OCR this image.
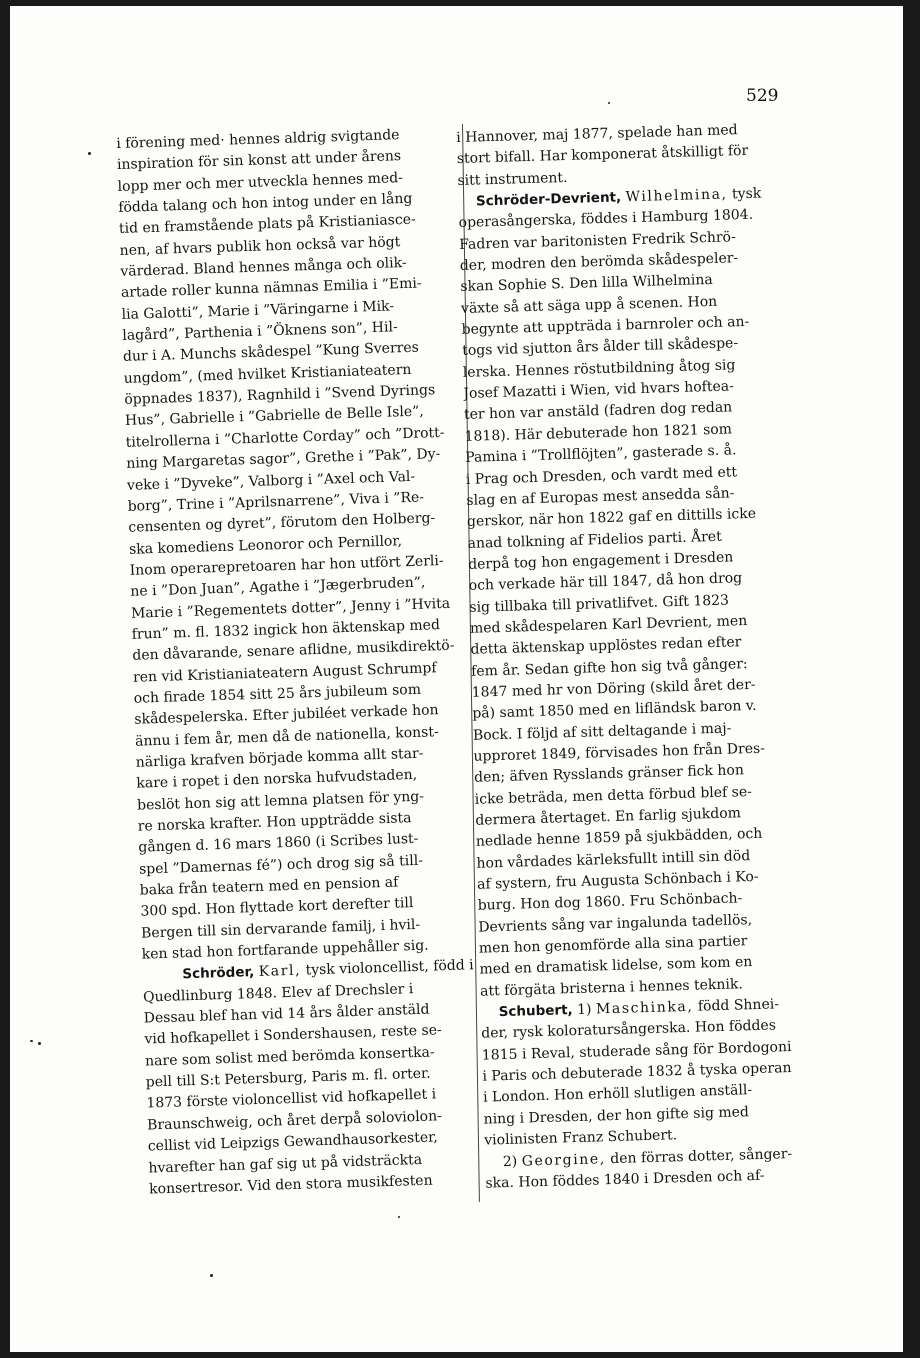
529
i förening med· hennes aldrig svigtande
inspiration för sin konst att under årens
lopp mer och mer utveckla hennes med-
födda talang och hon intog under en lång
tid en framstående plats på Kristianiasce-
nen, af hvars publik hon också var högt
värderad. Bland hennes många och olik-
artade roller kunna nämnas Emilia i ”Emi-
lia Galotti”, Marie i ”Väringarne i Mik-
lagård”, Parthenia i ”Öknens son”, Hil-
dur i A. Munchs skådespel ”Kung Sverres
ungdom”, (med hvilket Kristianiateatern
öppnades 1837), Ragnhild i ”Svend Dyrings
Hus”, Gabrielle i ”Gabrielle de Belle Isle”,
titelrollerna i ”Charlotte Corday” och ”Drott-
ning Margaretas sagor”, Grethe i ”Pak”, Dy-
veke i ”Dyveke”, Valborg i ”Axel och Val-
borg”, Trine i ”Aprilsnarrene”, Viva i ”Re-
censenten og dyret”, förutom den Holberg-
ska komediens Leonoror och Pernillor,
Inom operarepretoaren har hon utfört Zerli-
ne i ”Don Juan”, Agathe i ”Jægerbruden”,
Marie i ”Regementets dotter”, Jenny i ”Hvita
frun” m. fl. 1832 ingick hon äktenskap med
den dåvarande, senare aflidne, musikdirektö-
ren vid Kristianiateatern August Schrumpf
och firade 1854 sitt 25 års jubileum som
skådespelerska. Efter jubiléet verkade hon
ännu i fem år, men då de nationella, konst-
närliga krafven började komma allt star-
kare i ropet i den norska hufvudstaden,
beslöt hon sig att lemna platsen för yng-
re norska krafter. Hon uppträdde sista
gången d. 16 mars 1860 (i Scribes lust-
spel ”Damernas fé”) och drog sig så till-
baka från teatern med en pension af
300 spd. Hon flyttade kort derefter till
Bergen till sin dervarande familj, i hvil-
ken stad hon fortfarande uppehåller sig.
Schröder, Karl, tysk violoncellist, född i
Quedlinburg 1848. Elev af Drechsler i
Dessau blef han vid 14 års ålder anstäld
vid hofkapellet i Sondershausen, reste se-
nare som solist med berömda konsertka-
pell till S:t Petersburg, Paris m. fl. orter.
1873 förste violoncellist vid hofkapellet i
Braunschweig, och året derpå soloviolon-
cellist vid Leipzigs Gewandhausorkester,
hvarefter han gaf sig ut på vidsträckta
konsertresor. Vid den stora musikfesten
i Hannover, maj 1877, spelade han med
stort bifall. Har komponerat åtskilligt för
sitt instrument.
Schröder-Devrient, Wilhelmina, tysk
operasångerska, föddes i Hamburg 1804.
Fadren var baritonisten Fredrik Schrö-
der, modren den berömda skådespeler-
skan Sophie S. Den lilla Wilhelmina
växte så att säga upp å scenen. Hon
begynte att uppträda i barnroler och an-
togs vid sjutton års ålder till skådespe-
lerska. Hennes röstutbildning åtog sig
Josef Mazatti i Wien, vid hvars hoftea-
ter hon var anstäld (fadren dog redan
1818). Här debuterade hon 1821 som
Pamina i ”Trollflöjten”, gasterade s. å.
i Prag och Dresden, och vardt med ett
slag en af Europas mest ansedda sån-
gerskor, när hon 1822 gaf en dittills icke
anad tolkning af Fidelios parti. Året
derpå tog hon engagement i Dresden
och verkade här till 1847, då hon drog
sig tillbaka till privatlifvet. Gift 1823
med skådespelaren Karl Devrient, men
detta äktenskap upplöstes redan efter
fem år. Sedan gifte hon sig två gånger:
1847 med hr von Döring (skild året der-
på) samt 1850 med en lifländsk baron v.
Bock. I följd af sitt deltagande i maj-
upproret 1849, förvisades hon från Dres-
den; äfven Rysslands gränser fick hon
icke beträda, men detta förbud blef se-
dermera återtaget. En farlig sjukdom
nedlade henne 1859 på sjukbädden, och
hon vårdades kärleksfullt intill sin död
af systern, fru Augusta Schönbach i Ko-
burg. Hon dog 1860. Fru Schönbach-
Devrients sång var ingalunda tadellös,
men hon genomförde alla sina partier
med en dramatisk lidelse, som kom en
att förgäta bristerna i hennes teknik.
Schubert, 1) Maschinka, född Shnei-
der, rysk koloratursångerska. Hon föddes
1815 i Reval, studerade sång för Bordogoni
i Paris och debuterade 1832 å tyska operan
i London. Hon erhöll slutligen anställ-
ning i Dresden, der hon gifte sig med
violinisten Franz Schubert.
2) Georgine, den förras dotter, sånger-
ska. Hon föddes 1840 i Dresden och af-
